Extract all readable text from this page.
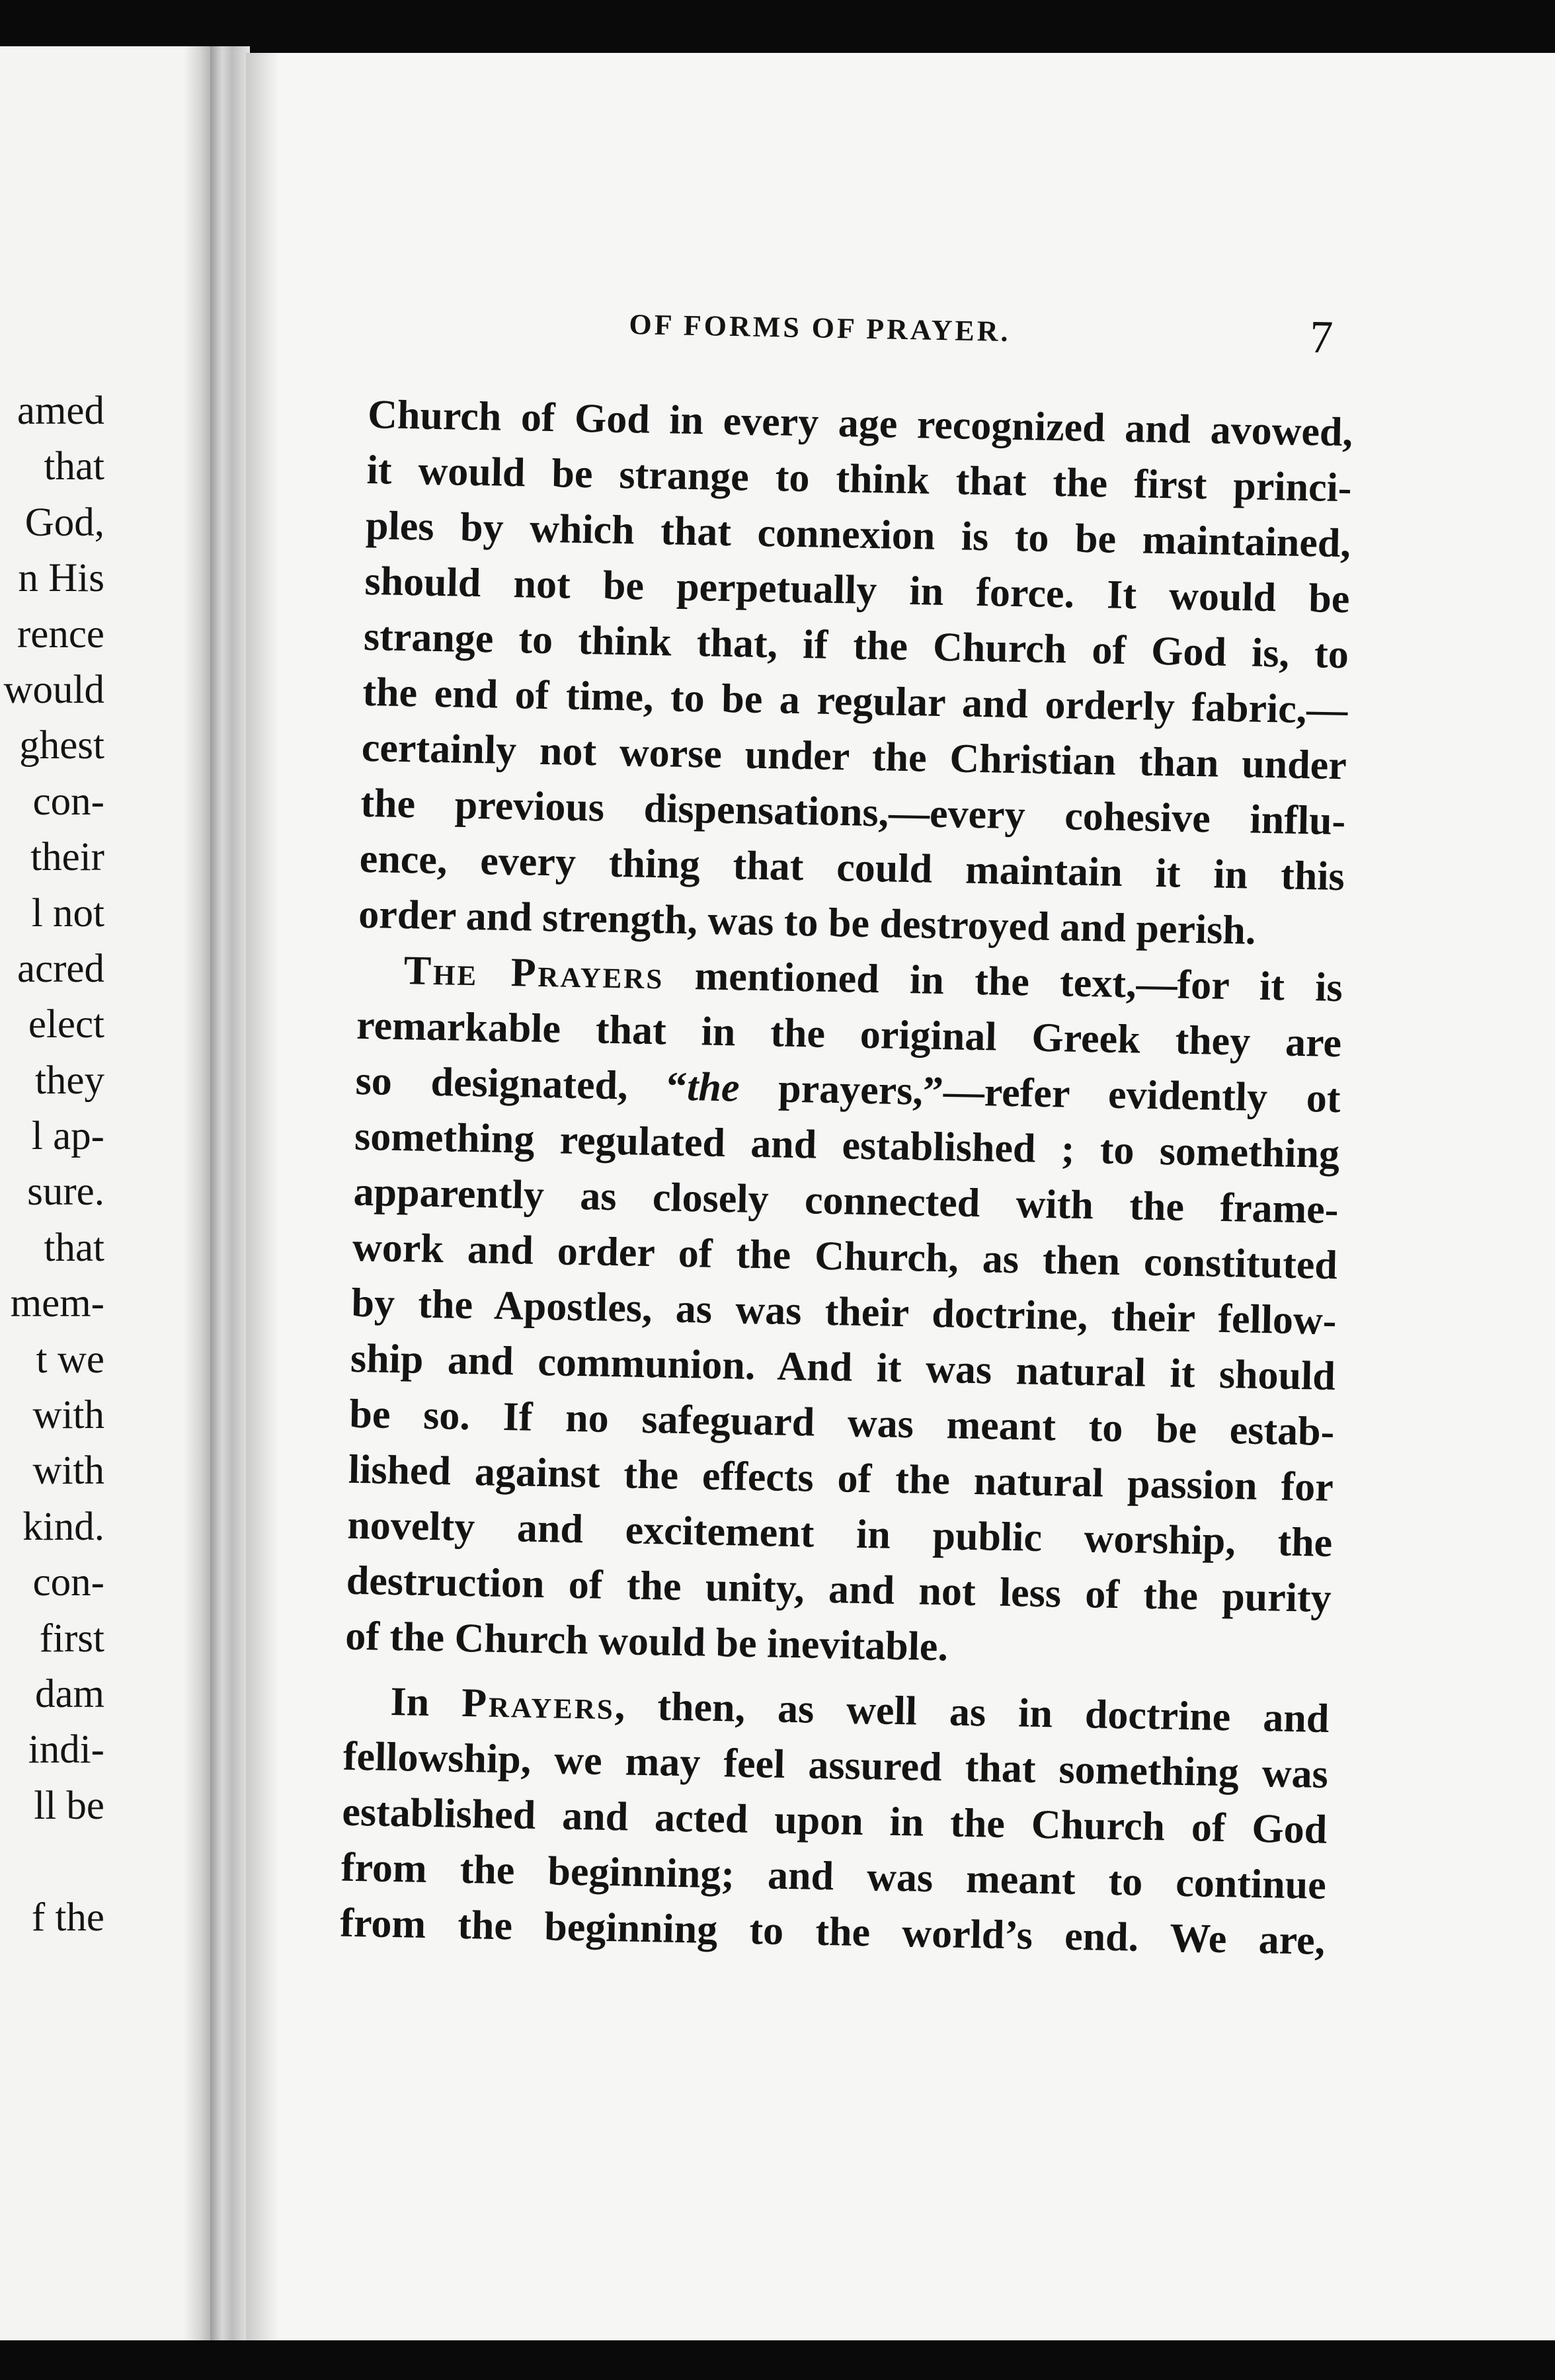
amed
that
God,
n His
rence
would
ghest
con-
their
l not
acred
elect
they
l ap-
sure.
that
mem-
t we
with
with
kind.
con-
first
dam
indi-
ll be
f the
OF FORMS OF PRAYER.	7
Church of God in every age recognized and avowed,
it would be strange to think that the first princi-
ples by which that connexion is to be maintained,
should not be perpetually in force. It would be
strange to think that, if the Church of God is, to
the end of time, to be a regular and orderly fabric,—
certainly not worse under the Christian than under
the previous dispensations,—every cohesive influ-
ence, every thing that could maintain it in this
order and strength, was to be destroyed and perish.
The Prayers mentioned in the text,—for it is
remarkable that in the original Greek they are
so designated, “the prayers,”—refer evidently ot
something regulated and established ; to something
apparently as closely connected with the frame-
work and order of the Church, as then constituted
by the Apostles, as was their doctrine, their fellow-
ship and communion. And it was natural it should
be so. If no safeguard was meant to be estab-
lished against the effects of the natural passion for
novelty and excitement in public worship, the
destruction of the unity, and not less of the purity
of the Church would be inevitable.
In Prayers, then, as well as in doctrine and
fellowship, we may feel assured that something was
established and acted upon in the Church of God
from the beginning; and was meant to continue
from the beginning to the world’s end. We are,
